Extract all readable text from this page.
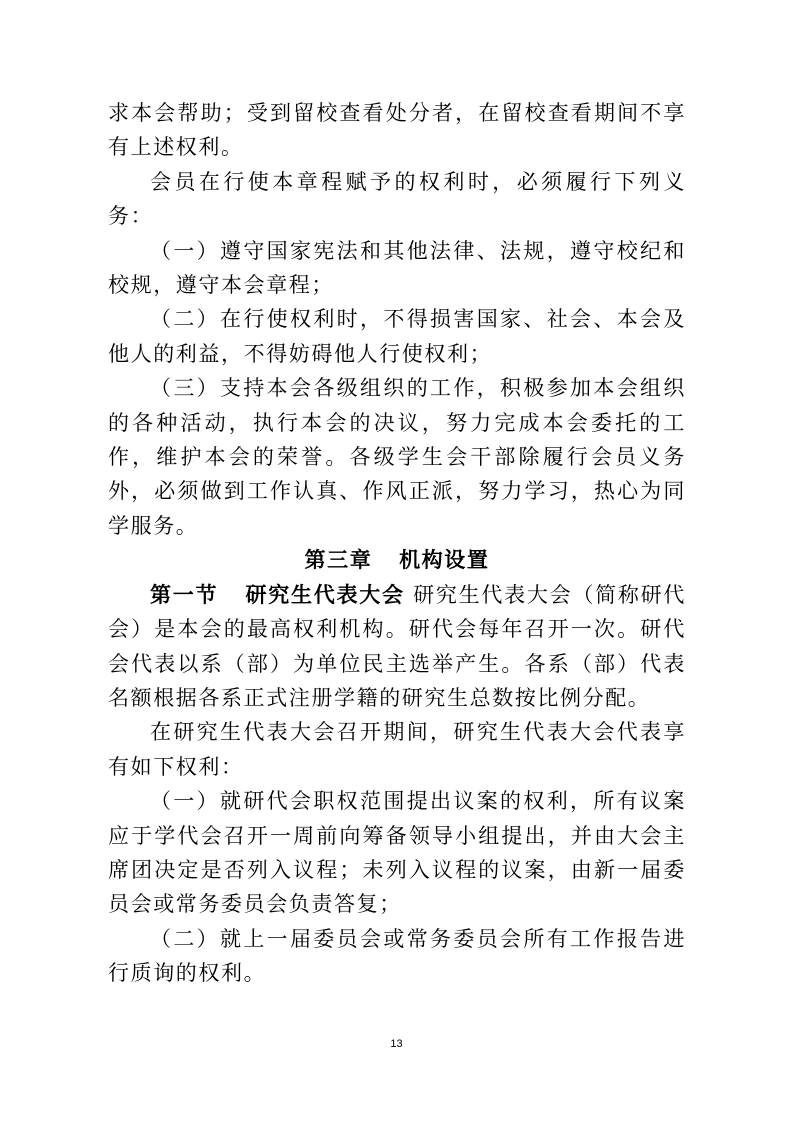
求本会帮助；受到留校查看处分者，在留校查看期间不享有上述权利。

会员在行使本章程赋予的权利时，必须履行下列义务：

（一）遵守国家宪法和其他法律、法规，遵守校纪和校规，遵守本会章程；

（二）在行使权利时，不得损害国家、社会、本会及他人的利益，不得妨碍他人行使权利；

（三）支持本会各级组织的工作，积极参加本会组织的各种活动，执行本会的决议，努力完成本会委托的工作，维护本会的荣誉。各级学生会干部除履行会员义务外，必须做到工作认真、作风正派，努力学习，热心为同学服务。

第三章   机构设置

第一节   研究生代表大会 研究生代表大会（简称研代会）是本会的最高权利机构。研代会每年召开一次。研代会代表以系（部）为单位民主选举产生。各系（部）代表名额根据各系正式注册学籍的研究生总数按比例分配。

在研究生代表大会召开期间，研究生代表大会代表享有如下权利：

（一）就研代会职权范围提出议案的权利，所有议案应于学代会召开一周前向筹备领导小组提出，并由大会主席团决定是否列入议程；未列入议程的议案，由新一届委员会或常务委员会负责答复；

（二）就上一届委员会或常务委员会所有工作报告进行质询的权利。

13
